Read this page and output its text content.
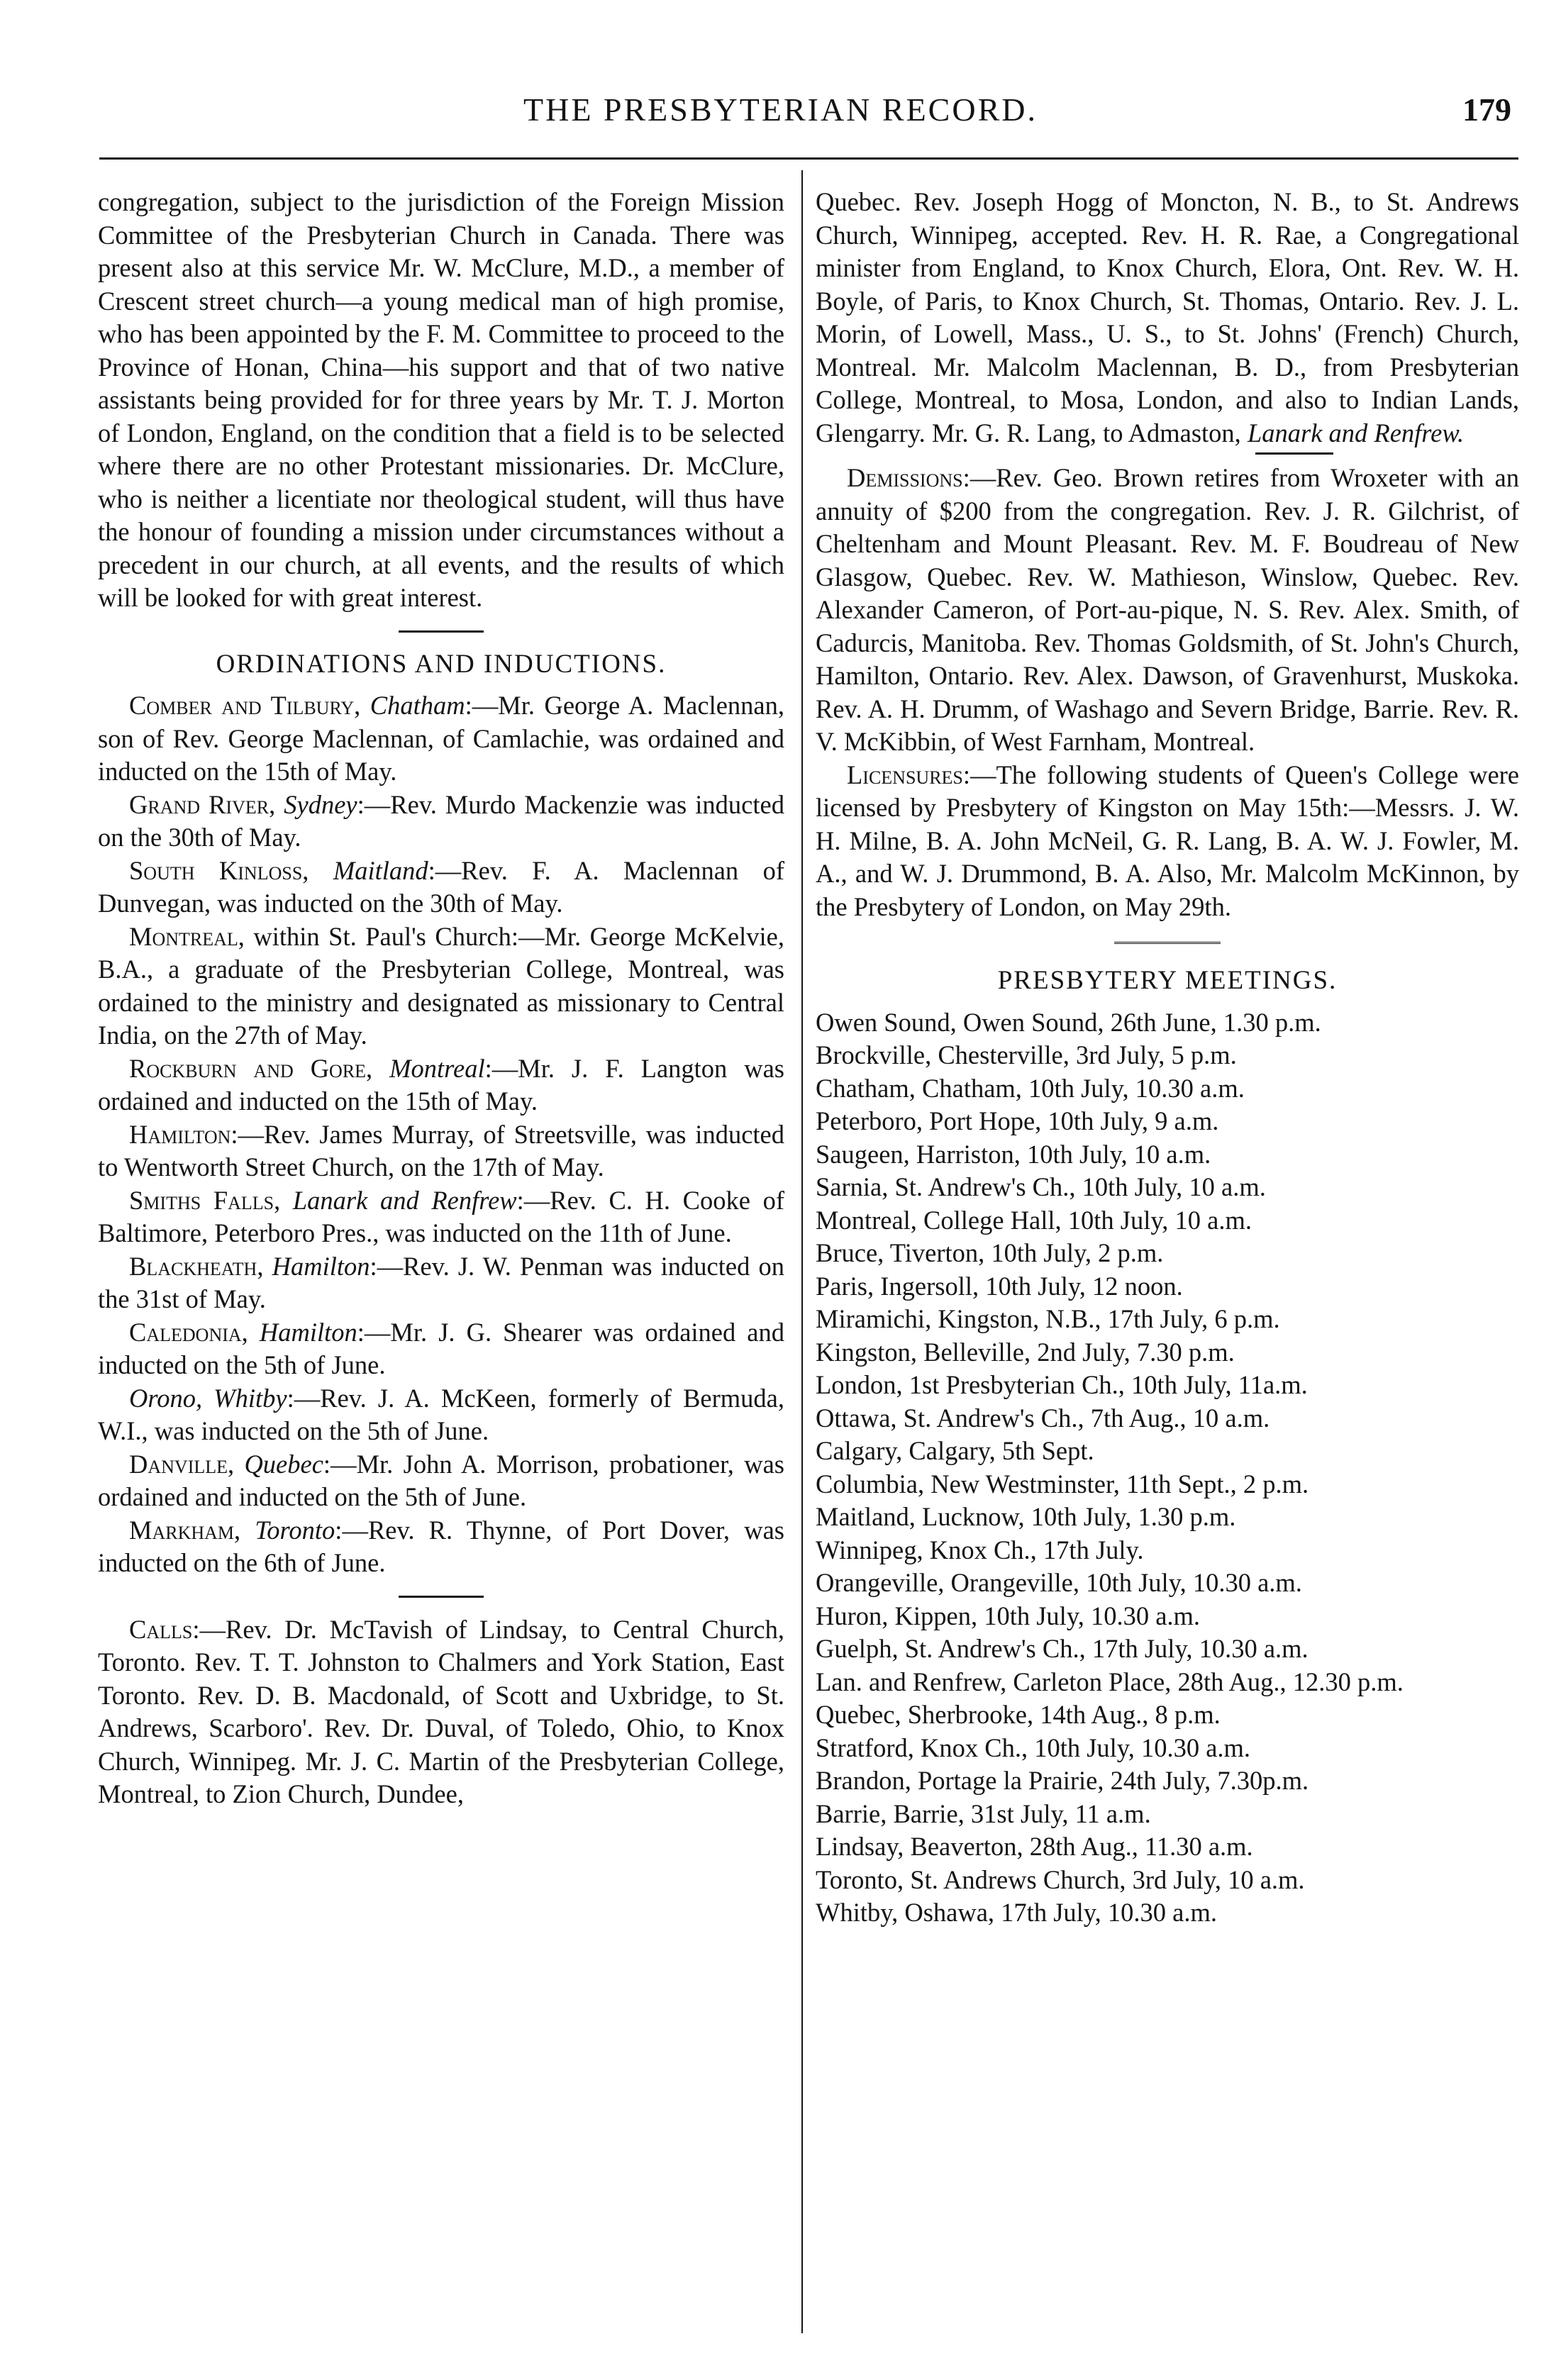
THE PRESBYTERIAN RECORD.	179

congregation, subject to the jurisdiction of the Foreign Mission Committee of the Presbyterian Church in Canada. There was present also at this service Mr. W. McClure, M.D., a member of Crescent street church—a young medical man of high promise, who has been appointed by the F. M. Committee to proceed to the Province of Honan, China—his support and that of two native assistants being provided for for three years by Mr. T. J. Morton of London, England, on the condition that a field is to be selected where there are no other Protestant missionaries. Dr. McClure, who is neither a licentiate nor theological student, will thus have the honour of founding a mission under circumstances without a precedent in our church, at all events, and the results of which will be looked for with great interest.

ORDINATIONS AND INDUCTIONS.

Comber and Tilbury, Chatham:—Mr. George A. Maclennan, son of Rev. George Maclennan, of Camlachie, was ordained and inducted on the 15th of May.

Grand River, Sydney:—Rev. Murdo Mackenzie was inducted on the 30th of May.

South Kinloss, Maitland:—Rev. F. A. Maclennan of Dunvegan, was inducted on the 30th of May.

Montreal, within St. Paul's Church:—Mr. George McKelvie, B.A., a graduate of the Presbyterian College, Montreal, was ordained to the ministry and designated as missionary to Central India, on the 27th of May.

Rockburn and Gore, Montreal:—Mr. J. F. Langton was ordained and inducted on the 15th of May.

Hamilton:—Rev. James Murray, of Streetsville, was inducted to Wentworth Street Church, on the 17th of May.

Smiths Falls, Lanark and Renfrew:—Rev. C. H. Cooke of Baltimore, Peterboro Pres., was inducted on the 11th of June.

Blackheath, Hamilton:—Rev. J. W. Penman was inducted on the 31st of May.

Caledonia, Hamilton:—Mr. J. G. Shearer was ordained and inducted on the 5th of June.

Orono, Whitby:—Rev. J. A. McKeen, formerly of Bermuda, W.I., was inducted on the 5th of June.

Danville, Quebec:—Mr. John A. Morrison, probationer, was ordained and inducted on the 5th of June.

Markham, Toronto:—Rev. R. Thynne, of Port Dover, was inducted on the 6th of June.

Calls:—Rev. Dr. McTavish of Lindsay, to Central Church, Toronto. Rev. T. T. Johnston to Chalmers and York Station, East Toronto. Rev. D. B. Macdonald, of Scott and Uxbridge, to St. Andrews, Scarboro'. Rev. Dr. Duval, of Toledo, Ohio, to Knox Church, Winnipeg. Mr. J. C. Martin of the Presbyterian College, Montreal, to Zion Church, Dundee,

Quebec. Rev. Joseph Hogg of Moncton, N. B., to St. Andrews Church, Winnipeg, accepted. Rev. H. R. Rae, a Congregational minister from England, to Knox Church, Elora, Ont. Rev. W. H. Boyle, of Paris, to Knox Church, St. Thomas, Ontario. Rev. J. L. Morin, of Lowell, Mass., U. S., to St. Johns' (French) Church, Montreal. Mr. Malcolm Maclennan, B. D., from Presbyterian College, Montreal, to Mosa, London, and also to Indian Lands, Glengarry. Mr. G. R. Lang, to Admaston, Lanark and Renfrew.

Demissions:—Rev. Geo. Brown retires from Wroxeter with an annuity of $200 from the congregation. Rev. J. R. Gilchrist, of Cheltenham and Mount Pleasant. Rev. M. F. Boudreau of New Glasgow, Quebec. Rev. W. Mathieson, Winslow, Quebec. Rev. Alexander Cameron, of Port-au-pique, N. S. Rev. Alex. Smith, of Cadurcis, Manitoba. Rev. Thomas Goldsmith, of St. John's Church, Hamilton, Ontario. Rev. Alex. Dawson, of Gravenhurst, Muskoka. Rev. A. H. Drumm, of Washago and Severn Bridge, Barrie. Rev. R. V. McKibbin, of West Farnham, Montreal.

Licensures:—The following students of Queen's College were licensed by Presbytery of Kingston on May 15th:—Messrs. J. W. H. Milne, B. A. John McNeil, G. R. Lang, B. A. W. J. Fowler, M. A., and W. J. Drummond, B. A. Also, Mr. Malcolm McKinnon, by the Presbytery of London, on May 29th.

PRESBYTERY MEETINGS.

Owen Sound, Owen Sound, 26th June, 1.30 p.m.

Brockville, Chesterville, 3rd July, 5 p.m.

Chatham, Chatham, 10th July, 10.30 a.m.

Peterboro, Port Hope, 10th July, 9 a.m.

Saugeen, Harriston, 10th July, 10 a.m.

Sarnia, St. Andrew's Ch., 10th July, 10 a.m.

Montreal, College Hall, 10th July, 10 a.m.

Bruce, Tiverton, 10th July, 2 p.m.

Paris, Ingersoll, 10th July, 12 noon.

Miramichi, Kingston, N.B., 17th July, 6 p.m.

Kingston, Belleville, 2nd July, 7.30 p.m.

London, 1st Presbyterian Ch., 10th July, 11a.m.

Ottawa, St. Andrew's Ch., 7th Aug., 10 a.m.

Calgary, Calgary, 5th Sept.

Columbia, New Westminster, 11th Sept., 2 p.m.

Maitland, Lucknow, 10th July, 1.30 p.m.

Winnipeg, Knox Ch., 17th July.

Orangeville, Orangeville, 10th July, 10.30 a.m.

Huron, Kippen, 10th July, 10.30 a.m.

Guelph, St. Andrew's Ch., 17th July, 10.30 a.m.

Lan. and Renfrew, Carleton Place, 28th Aug., 12.30 p.m.

Quebec, Sherbrooke, 14th Aug., 8 p.m.

Stratford, Knox Ch., 10th July, 10.30 a.m.

Brandon, Portage la Prairie, 24th July, 7.30p.m.

Barrie, Barrie, 31st July, 11 a.m.

Lindsay, Beaverton, 28th Aug., 11.30 a.m.

Toronto, St. Andrews Church, 3rd July, 10 a.m.

Whitby, Oshawa, 17th July, 10.30 a.m.
